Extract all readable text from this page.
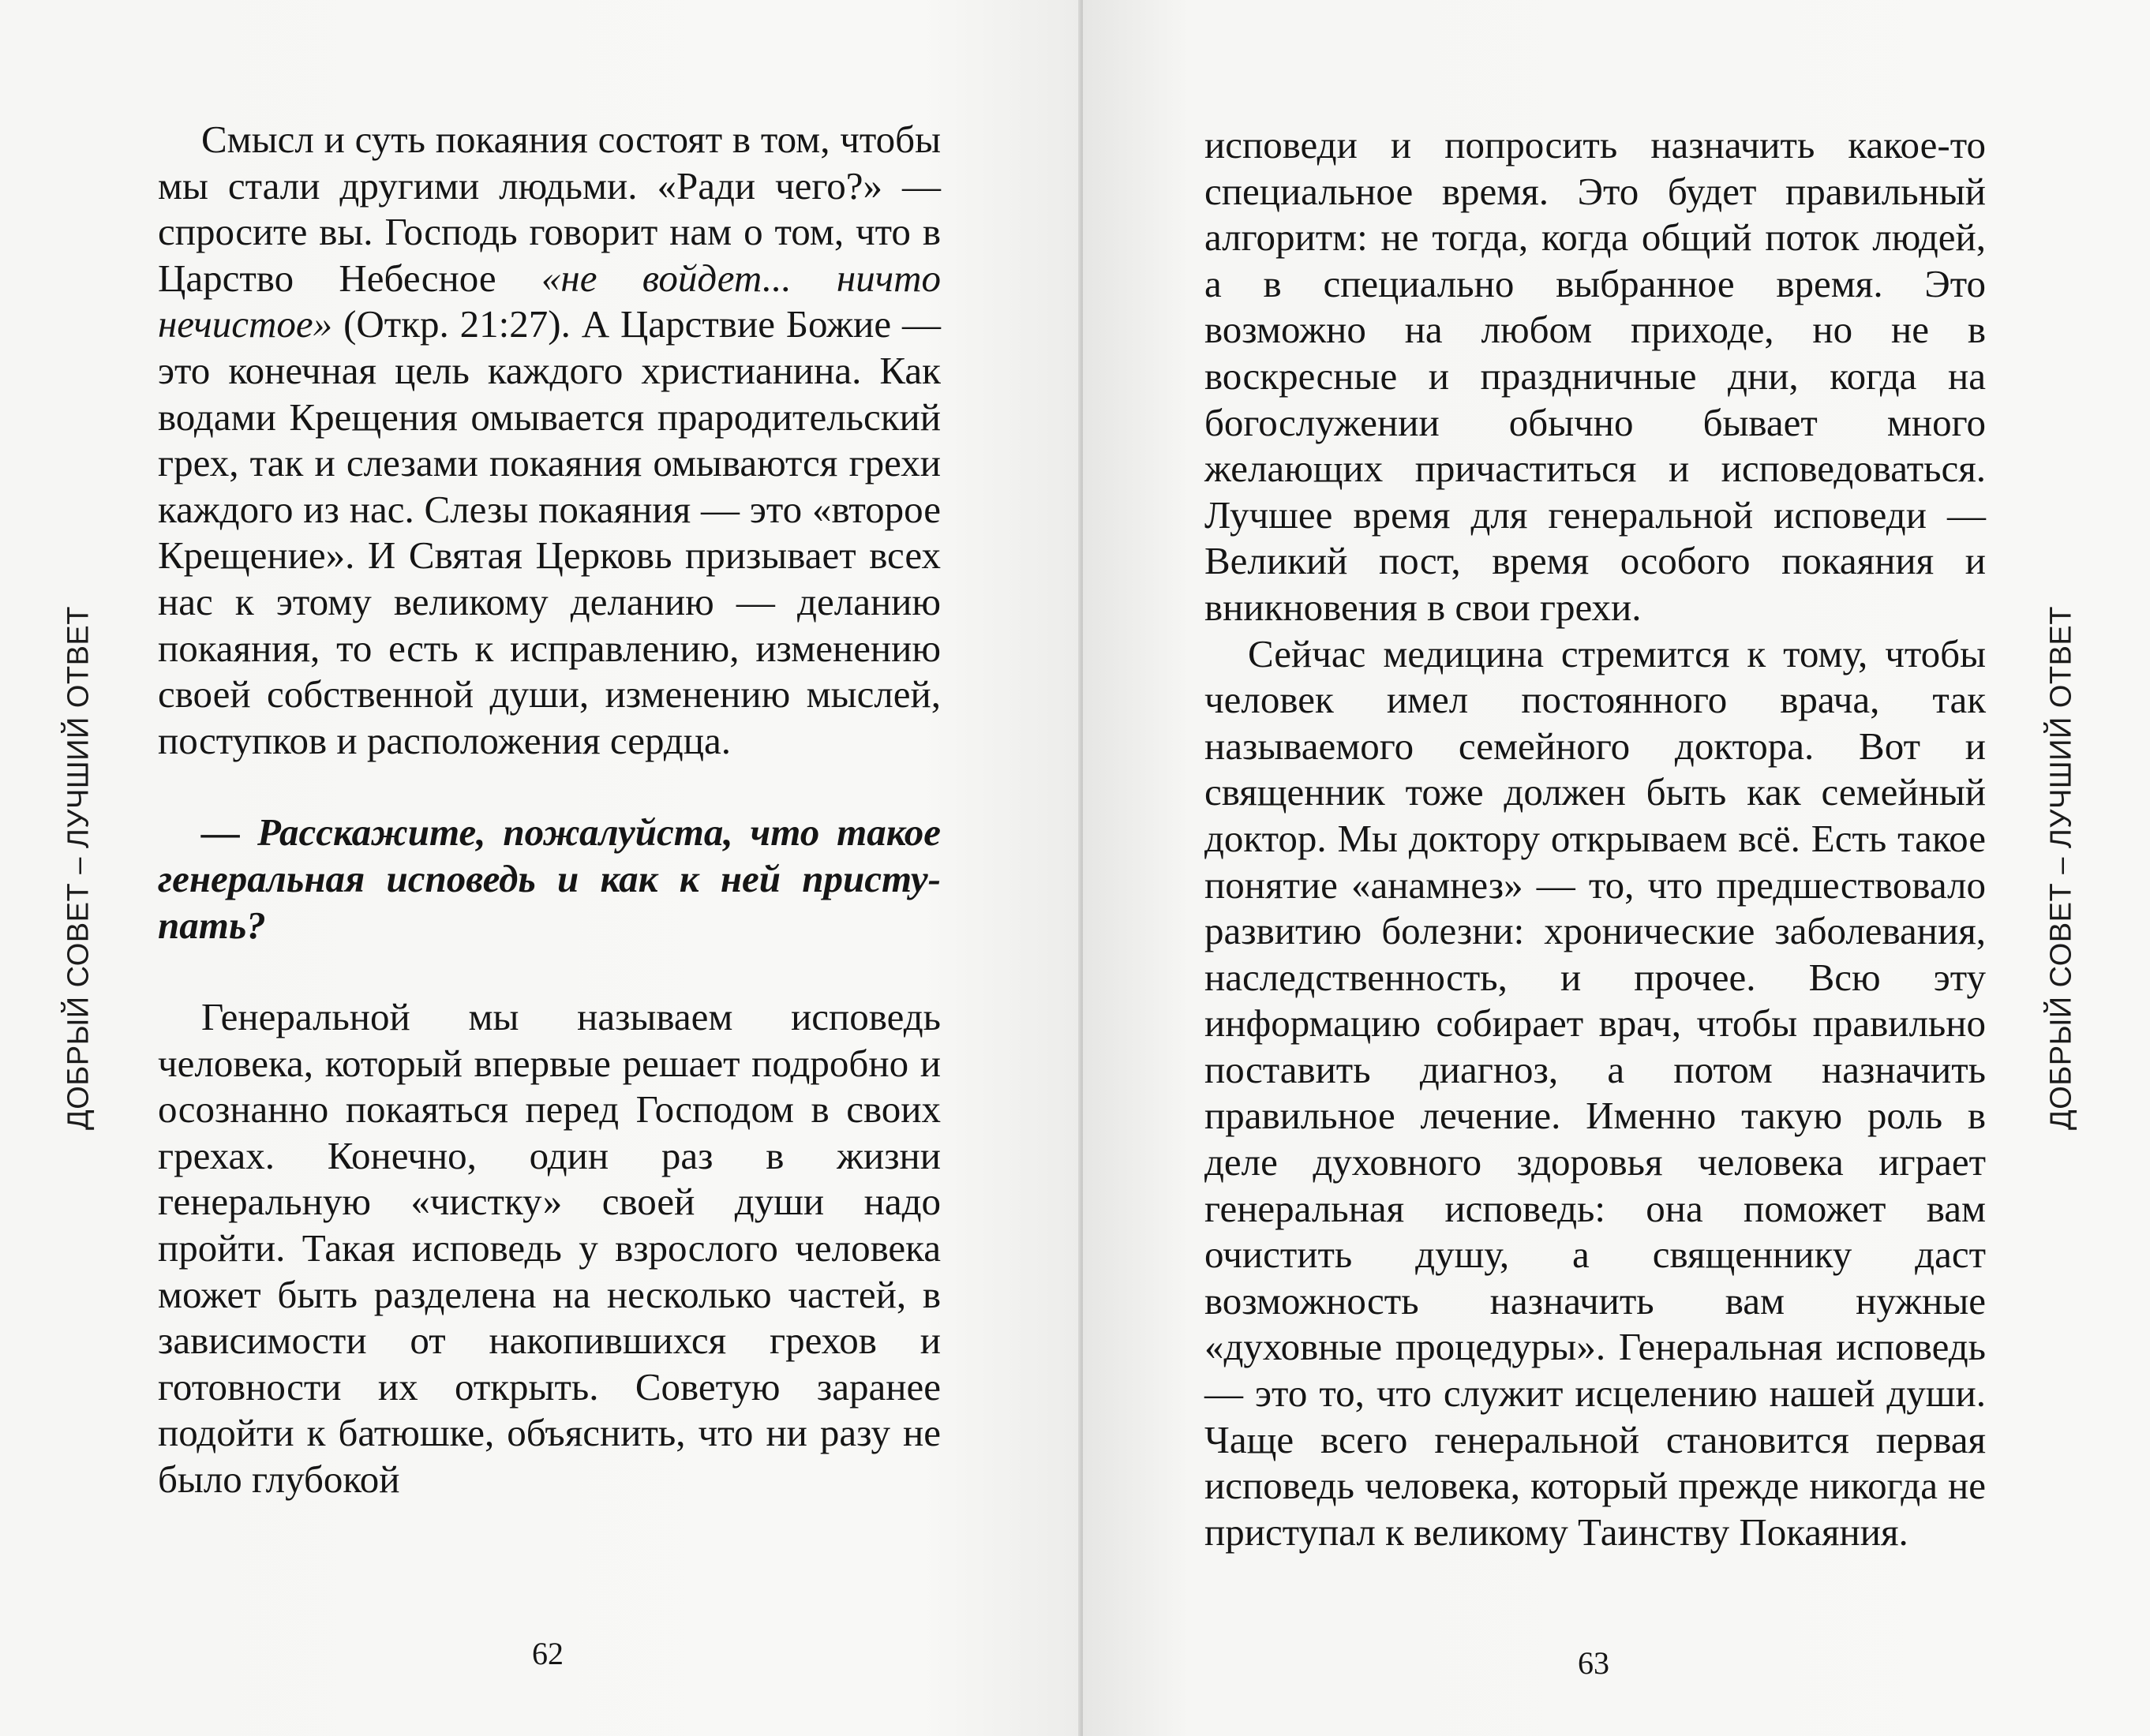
ДОБРЫЙ СОВЕТ – ЛУЧШИЙ ОТВЕТ

Смысл и суть покаяния состоят в том, чтобы мы стали другими людьми. «Ради чего?» — спросите вы. Господь говорит нам о том, что в Царство Небесное «не войдет... ничто нечистое» (Откр. 21:27). А Царствие Божие — это конечная цель каждого христианина. Как водами Крещения омывается прародительский грех, так и слезами покаяния омываются грехи каждого из нас. Слезы покаяния — это «второе Крещение». И Святая Церковь призывает всех нас к этому великому деланию — деланию покаяния, то есть к исправлению, изменению своей собственной души, изменению мыслей, поступков и расположения сердца.

— Расскажите, пожалуйста, что такое генеральная исповедь и как к ней приступать?

Генеральной мы называем исповедь человека, который впервые решает подробно и осознанно покаяться перед Господом в своих грехах. Конечно, один раз в жизни генеральную «чистку» своей души надо пройти. Такая исповедь у взрослого человека может быть разделена на несколько частей, в зависимости от накопившихся грехов и готовности их открыть. Советую заранее подойти к батюшке, объяснить, что ни разу не было глубокой

62

исповеди и попросить назначить какое-то специальное время. Это будет правильный алгоритм: не тогда, когда общий поток людей, а в специально выбранное время. Это возможно на любом приходе, но не в воскресные и праздничные дни, когда на богослужении обычно бывает много желающих причаститься и исповедоваться. Лучшее время для генеральной исповеди — Великий пост, время особого покаяния и вникновения в свои грехи.

Сейчас медицина стремится к тому, чтобы человек имел постоянного врача, так называемого семейного доктора. Вот и священник тоже должен быть как семейный доктор. Мы доктору открываем всё. Есть такое понятие «анамнез» — то, что предшествовало развитию болезни: хронические заболевания, наследственность, и прочее. Всю эту информацию собирает врач, чтобы правильно поставить диагноз, а потом назначить правильное лечение. Именно такую роль в деле духовного здоровья человека играет генеральная исповедь: она поможет вам очистить душу, а священнику даст возможность назначить вам нужные «духовные процедуры». Генеральная исповедь — это то, что служит исцелению нашей души. Чаще всего генеральной становится первая исповедь человека, который прежде никогда не приступал к великому Таинству Покаяния.

ДОБРЫЙ СОВЕТ – ЛУЧШИЙ ОТВЕТ
63
